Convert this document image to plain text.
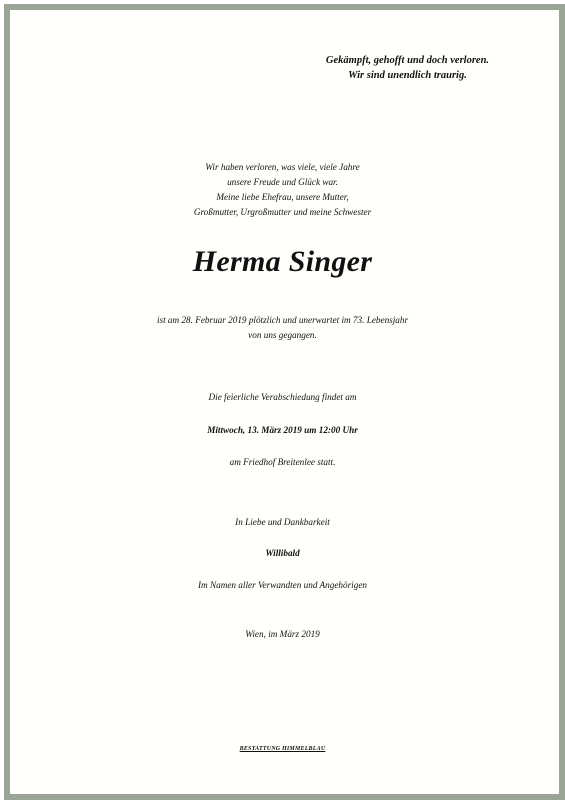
Gekämpft, gehofft und doch verloren.
Wir sind unendlich traurig.
Wir haben verloren, was viele, viele Jahre
unsere Freude und Glück war.
Meine liebe Ehefrau, unsere Mutter,
Großmutter, Urgroßmutter und meine Schwester
Herma Singer
ist am 28. Februar 2019 plötzlich und unerwartet im 73. Lebensjahr
von uns gegangen.
Die feierliche Verabschiedung findet am
Mittwoch, 13. März 2019 um 12:00 Uhr
am Friedhof Breitenlee statt.
In Liebe und Dankbarkeit
Willibald
Im Namen aller Verwandten und Angehörigen
Wien, im März 2019
BESTATTUNG HIMMELBLAU
